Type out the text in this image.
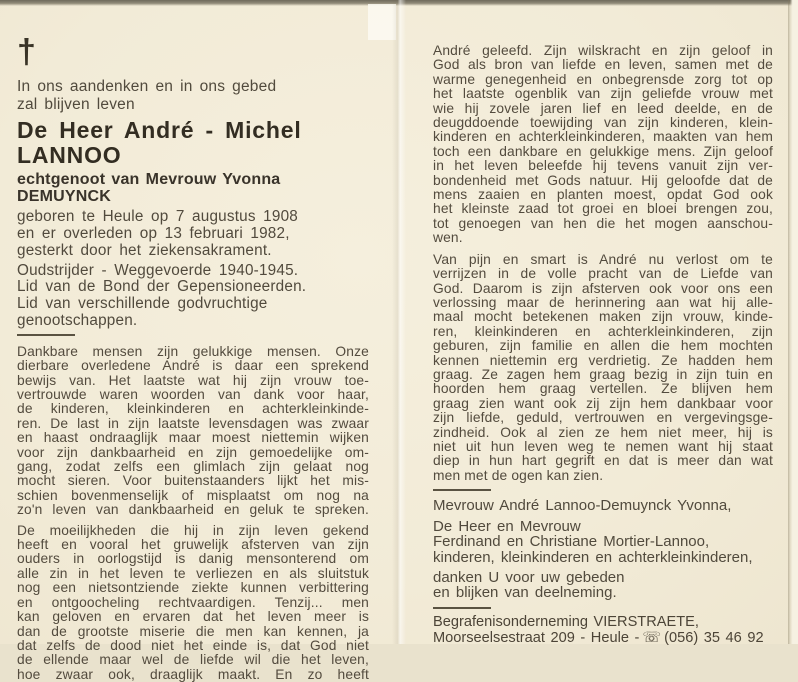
†
In ons aandenken en in ons gebed
zal blijven leven
De Heer André - Michel LANNOO
echtgenoot van Mevrouw Yvonna DEMUYNCK
geboren te Heule op 7 augustus 1908
en er overleden op 13 februari 1982,
gesterkt door het ziekensakrament.
Oudstrijder - Weggevoerde 1940-1945.
Lid van de Bond der Gepensioneerden.
Lid van verschillende godvruchtige
genootschappen.
Dankbare mensen zijn gelukkige mensen. Onze
dierbare overledene André is daar een sprekend
bewijs van. Het laatste wat hij zijn vrouw toe-
vertrouwde waren woorden van dank voor haar,
de kinderen, kleinkinderen en achterkleinkinde-
ren. De last in zijn laatste levensdagen was zwaar
en haast ondraaglijk maar moest niettemin wijken
voor zijn dankbaarheid en zijn gemoedelijke om-
gang, zodat zelfs een glimlach zijn gelaat nog
mocht sieren. Voor buitenstaanders lijkt het mis-
schien bovenmenselijk of misplaatst om nog na
zo'n leven van dankbaarheid en geluk te spreken.
De moeilijkheden die hij in zijn leven gekend
heeft en vooral het gruwelijk afsterven van zijn
ouders in oorlogstijd is danig mensonterend om
alle zin in het leven te verliezen en als sluitstuk
nog een nietsontziende ziekte kunnen verbittering
en ontgoocheling rechtvaardigen. Tenzij... men
kan geloven en ervaren dat het leven meer is
dan de grootste miserie die men kan kennen, ja
dat zelfs de dood niet het einde is, dat God niet
de ellende maar wel de liefde wil die het leven,
hoe zwaar ook, draaglijk maakt. En zo heeft
André geleefd. Zijn wilskracht en zijn geloof in
God als bron van liefde en leven, samen met de
warme genegenheid en onbegrensde zorg tot op
het laatste ogenblik van zijn geliefde vrouw met
wie hij zovele jaren lief en leed deelde, en de
deugddoende toewijding van zijn kinderen, klein-
kinderen en achterkleinkinderen, maakten van hem
toch een dankbare en gelukkige mens. Zijn geloof
in het leven beleefde hij tevens vanuit zijn ver-
bondenheid met Gods natuur. Hij geloofde dat de
mens zaaien en planten moest, opdat God ook
het kleinste zaad tot groei en bloei brengen zou,
tot genoegen van hen die het mogen aanschou-
wen.
Van pijn en smart is André nu verlost om te
verrijzen in de volle pracht van de Liefde van
God. Daarom is zijn afsterven ook voor ons een
verlossing maar de herinnering aan wat hij alle-
maal mocht betekenen maken zijn vrouw, kinde-
ren, kleinkinderen en achterkleinkinderen, zijn
geburen, zijn familie en allen die hem mochten
kennen niettemin erg verdrietig. Ze hadden hem
graag. Ze zagen hem graag bezig in zijn tuin en
hoorden hem graag vertellen. Ze blijven hem
graag zien want ook zij zijn hem dankbaar voor
zijn liefde, geduld, vertrouwen en vergevingsge-
zindheid. Ook al zien ze hem niet meer, hij is
niet uit hun leven weg te nemen want hij staat
diep in hun hart gegrift en dat is meer dan wat
men met de ogen kan zien.
Mevrouw André Lannoo-Demuynck Yvonna,
De Heer en Mevrouw
Ferdinand en Christiane Mortier-Lannoo,
kinderen, kleinkinderen en achterkleinkinderen,
danken U voor uw gebeden
en blijken van deelneming.
Begrafenisonderneming VIERSTRAETE,
Moorseelsestraat 209 - Heule - ☏ (056) 35 46 92
